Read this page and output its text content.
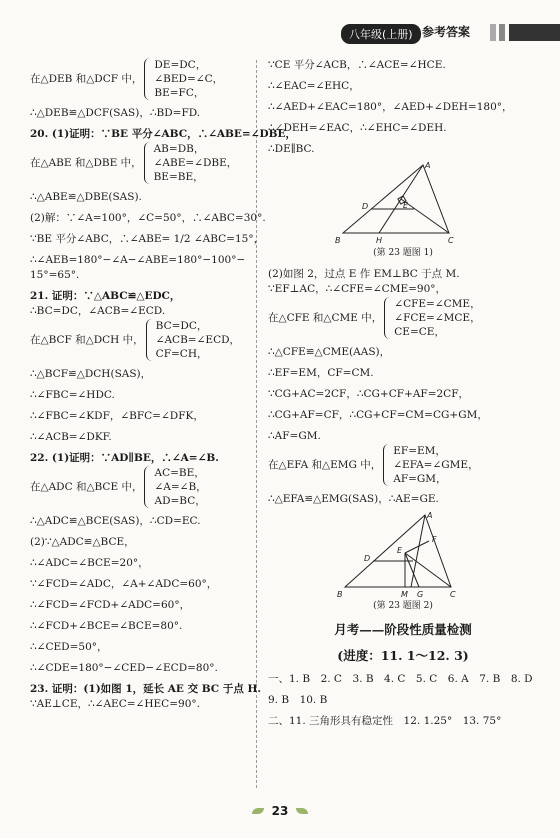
八年级(上册) 参考答案
在△DEB 和△DCF 中，
DE=DC，
∠BED=∠C，
BE=FC，
∴△DEB≌△DCF(SAS)，∴BD=FD.
20. (1)证明：∵BE 平分∠ABC，∴∠ABE=∠DBE，
在△ABE 和△DBE 中，
AB=DB，
∠ABE=∠DBE，
BE=BE，
∴△ABE≌△DBE(SAS).
(2)解：∵∠A=100°，∠C=50°，∴∠ABC=30°.
∵BE 平分∠ABC，∴∠ABE= 1/2 ∠ABC=15°，
∴∠AEB=180°−∠A−∠ABE=180°−100°−
15°=65°.
21. 证明：∵△ABC≌△EDC，
∴BC=DC，∠ACB=∠ECD.
在△BCF 和△DCH 中，
BC=DC，
∠ACB=∠ECD，
CF=CH，
∴△BCF≌△DCH(SAS)，
∴∠FBC=∠HDC.
∴∠FBC=∠KDF，∠BFC=∠DFK，
∴∠ACB=∠DKF.
22. (1)证明：∵AD∥BE，∴∠A=∠B.
在△ADC 和△BCE 中，
AC=BE，
∠A=∠B，
AD=BC，
∴△ADC≌△BCE(SAS)，∴CD=EC.
(2)∵△ADC≌△BCE，
∴∠ADC=∠BCE=20°，
∵∠FCD=∠ADC，∠A+∠ADC=60°，
∴∠FCD=∠FCD+∠ADC=60°，
∴∠FCD+∠BCE=∠BCE=80°.
∴∠CED=50°，
∴∠CDE=180°−∠CED−∠ECD=80°.
23. 证明：(1)如图 1，延长 AE 交 BC 于点 H.
∵AE⊥CE，∴∠AEC=∠HEC=90°.
∵CE 平分∠ACB，∴∠ACE=∠HCE.
∴∠EAC=∠EHC，
∴∠AED+∠EAC=180°，∠AED+∠DEH=180°，
∴∠DEH=∠EAC，∴∠EHC=∠DEH.
∴DE∥BC.
A
D	E
B	H	C
(第 23 题图 1)
(2)如图 2，过点 E 作 EM⊥BC 于点 M.
∵EF⊥AC，∴∠CFE=∠CME=90°，
在△CFE 和△CME 中，
∠CFE=∠CME，
∠FCE=∠MCE，
CE=CE，
∴△CFE≌△CME(AAS)，
∴EF=EM，CF=CM.
∵CG+AC=2CF，∴CG+CF+AF=2CF，
∴CG+AF=CF，∴CG+CF=CM=CG+GM，
∴AF=GM.
在△EFA 和△EMG 中，
EF=EM，
∠EFA=∠GME，
AF=GM，
∴△EFA≌△EMG(SAS)，∴AE=GE.
A
D
F
E
B	M G	C
(第 23 题图 2)
月考——阶段性质量检测
(进度：11. 1～12. 3)
一、1. B　2. C　3. B　4. C　5. C　6. A　7. B　8. D
9. B　10. B
二、11. 三角形具有稳定性　12. 1.25°　13. 75°
23
